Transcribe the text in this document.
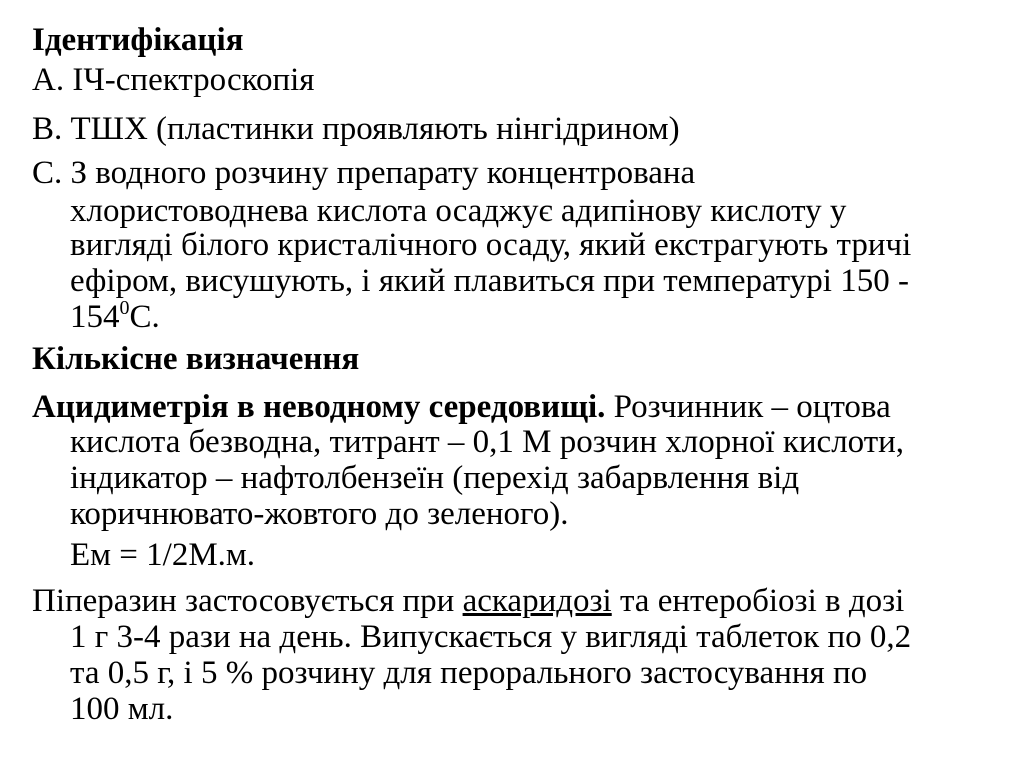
Ідентифікація
А. ІЧ-спектроскопія
В. ТШХ (пластинки проявляють нінгідрином)
С. З водного розчину препарату концентрована
хлористоводнева кислота осаджує адипінову кислоту у
вигляді білого кристалічного осаду, який екстрагують тричі
ефіром, висушують, і який плавиться при температурі 150 -
$154^0С$.
Кількісне визначення
Ацидиметрія в неводному середовищі. Розчинник – оцтова
кислота безводна, титрант – 0,1 М розчин хлорної кислоти,
індикатор – нафтолбензеїн (перехід забарвлення від
коричнювато-жовтого до зеленого).
Ем = 1/2М.м.
Піперазин застосовується при аскаридозі та ентеробіозі в дозі
1 г 3-4 рази на день. Випускається у вигляді таблеток по 0,2
та 0,5 г, і 5 % розчину для перорального застосування по
100 мл.
